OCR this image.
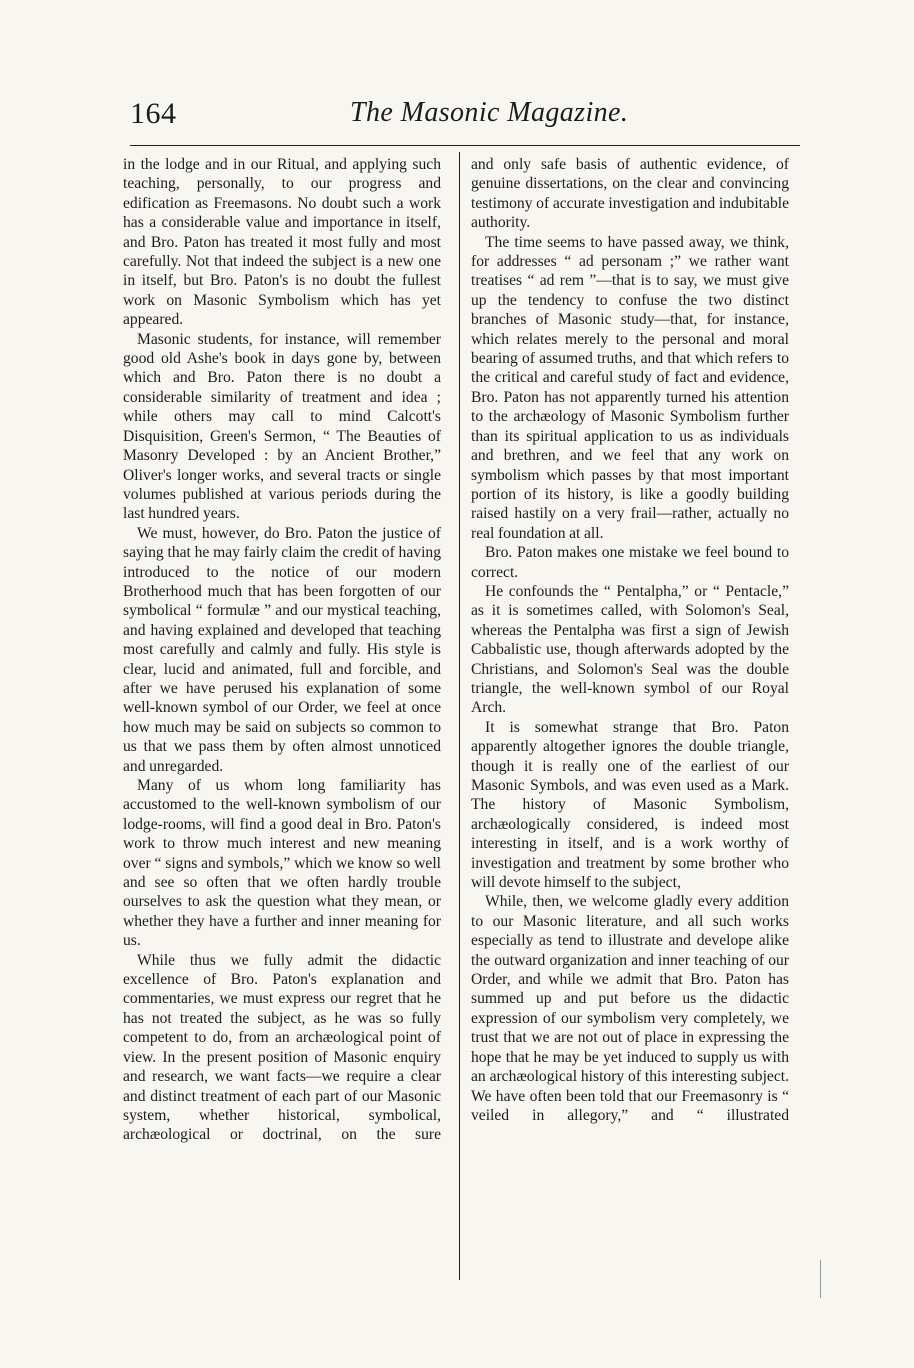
164	The Masonic Magazine.

in the lodge and in our Ritual, and applying such teaching, personally, to our progress and edification as Freemasons. No doubt such a work has a considerable value and importance in itself, and Bro. Paton has treated it most fully and most carefully. Not that indeed the subject is a new one in itself, but Bro. Paton's is no doubt the fullest work on Masonic Symbolism which has yet appeared.

Masonic students, for instance, will remember good old Ashe's book in days gone by, between which and Bro. Paton there is no doubt a considerable similarity of treatment and idea ; while others may call to mind Calcott's Disquisition, Green's Sermon, “ The Beauties of Masonry Developed : by an Ancient Brother,” Oliver's longer works, and several tracts or single volumes published at various periods during the last hundred years.

We must, however, do Bro. Paton the justice of saying that he may fairly claim the credit of having introduced to the notice of our modern Brotherhood much that has been forgotten of our symbolical “ formulæ ” and our mystical teaching, and having explained and developed that teaching most carefully and calmly and fully. His style is clear, lucid and animated, full and forcible, and after we have perused his explanation of some well-known symbol of our Order, we feel at once how much may be said on subjects so common to us that we pass them by often almost unnoticed and unregarded.

Many of us whom long familiarity has accustomed to the well-known symbolism of our lodge-rooms, will find a good deal in Bro. Paton's work to throw much interest and new meaning over “ signs and symbols,” which we know so well and see so often that we often hardly trouble ourselves to ask the question what they mean, or whether they have a further and inner meaning for us.

While thus we fully admit the didactic excellence of Bro. Paton's explanation and commentaries, we must express our regret that he has not treated the subject, as he was so fully competent to do, from an archæological point of view. In the present position of Masonic enquiry and research, we want facts—we require a clear and distinct treatment of each part of our Masonic system, whether historical, symbolical, archæological or doctrinal, on the sure

and only safe basis of authentic evidence, of genuine dissertations, on the clear and convincing testimony of accurate investigation and indubitable authority.

The time seems to have passed away, we think, for addresses “ ad personam ;” we rather want treatises “ ad rem ”—that is to say, we must give up the tendency to confuse the two distinct branches of Masonic study—that, for instance, which relates merely to the personal and moral bearing of assumed truths, and that which refers to the critical and careful study of fact and evidence, Bro. Paton has not apparently turned his attention to the archæology of Masonic Symbolism further than its spiritual application to us as individuals and brethren, and we feel that any work on symbolism which passes by that most important portion of its history, is like a goodly building raised hastily on a very frail—rather, actually no real foundation at all.

Bro. Paton makes one mistake we feel bound to correct.

He confounds the “ Pentalpha,” or “ Pentacle,” as it is sometimes called, with Solomon's Seal, whereas the Pentalpha was first a sign of Jewish Cabbalistic use, though afterwards adopted by the Christians, and Solomon's Seal was the double triangle, the well-known symbol of our Royal Arch.

It is somewhat strange that Bro. Paton apparently altogether ignores the double triangle, though it is really one of the earliest of our Masonic Symbols, and was even used as a Mark. The history of Masonic Symbolism, archæologically considered, is indeed most interesting in itself, and is a work worthy of investigation and treatment by some brother who will devote himself to the subject,

While, then, we welcome gladly every addition to our Masonic literature, and all such works especially as tend to illustrate and develope alike the outward organization and inner teaching of our Order, and while we admit that Bro. Paton has summed up and put before us the didactic expression of our symbolism very completely, we trust that we are not out of place in expressing the hope that he may be yet induced to supply us with an archæological history of this interesting subject. We have often been told that our Freemasonry is “ veiled in allegory,” and “ illustrated
